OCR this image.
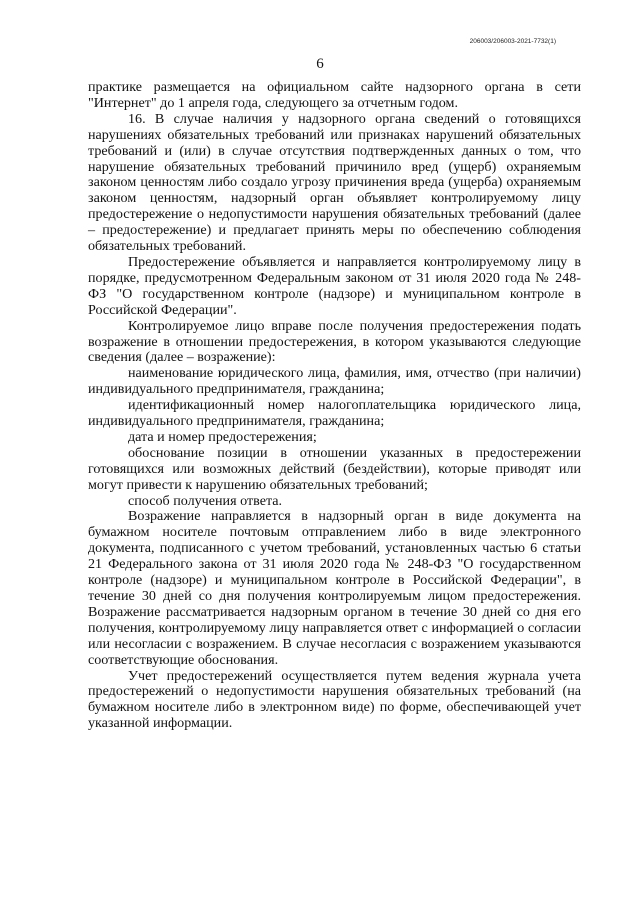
206003/206003-2021-7732(1)
6

практике размещается на официальном сайте надзорного органа в сети "Интернет" до 1 апреля года, следующего за отчетным годом.

16. В случае наличия у надзорного органа сведений о готовящихся нарушениях обязательных требований или признаках нарушений обязательных требований и (или) в случае отсутствия подтвержденных данных о том, что нарушение обязательных требований причинило вред (ущерб) охраняемым законом ценностям либо создало угрозу причинения вреда (ущерба) охраняемым законом ценностям, надзорный орган объявляет контролируемому лицу предостережение о недопустимости нарушения обязательных требований (далее – предостережение) и предлагает принять меры по обеспечению соблюдения обязательных требований.

Предостережение объявляется и направляется контролируемому лицу в порядке, предусмотренном Федеральным законом от 31 июля 2020 года № 248-ФЗ "О государственном контроле (надзоре) и муниципальном контроле в Российской Федерации".

Контролируемое лицо вправе после получения предостережения подать возражение в отношении предостережения, в котором указываются следующие сведения (далее – возражение):

наименование юридического лица, фамилия, имя, отчество (при наличии) индивидуального предпринимателя, гражданина;

идентификационный номер налогоплательщика юридического лица, индивидуального предпринимателя, гражданина;

дата и номер предостережения;

обоснование позиции в отношении указанных в предостережении готовящихся или возможных действий (бездействии), которые приводят или могут привести к нарушению обязательных требований;

способ получения ответа.

Возражение направляется в надзорный орган в виде документа на бумажном носителе почтовым отправлением либо в виде электронного документа, подписанного с учетом требований, установленных частью 6 статьи 21 Федерального закона от 31 июля 2020 года № 248-ФЗ "О государственном контроле (надзоре) и муниципальном контроле в Российской Федерации", в течение 30 дней со дня получения контролируемым лицом предостережения. Возражение рассматривается надзорным органом в течение 30 дней со дня его получения, контролируемому лицу направляется ответ с информацией о согласии или несогласии с возражением. В случае несогласия с возражением указываются соответствующие обоснования.

Учет предостережений осуществляется путем ведения журнала учета предостережений о недопустимости нарушения обязательных требований (на бумажном носителе либо в электронном виде) по форме, обеспечивающей учет указанной информации.
